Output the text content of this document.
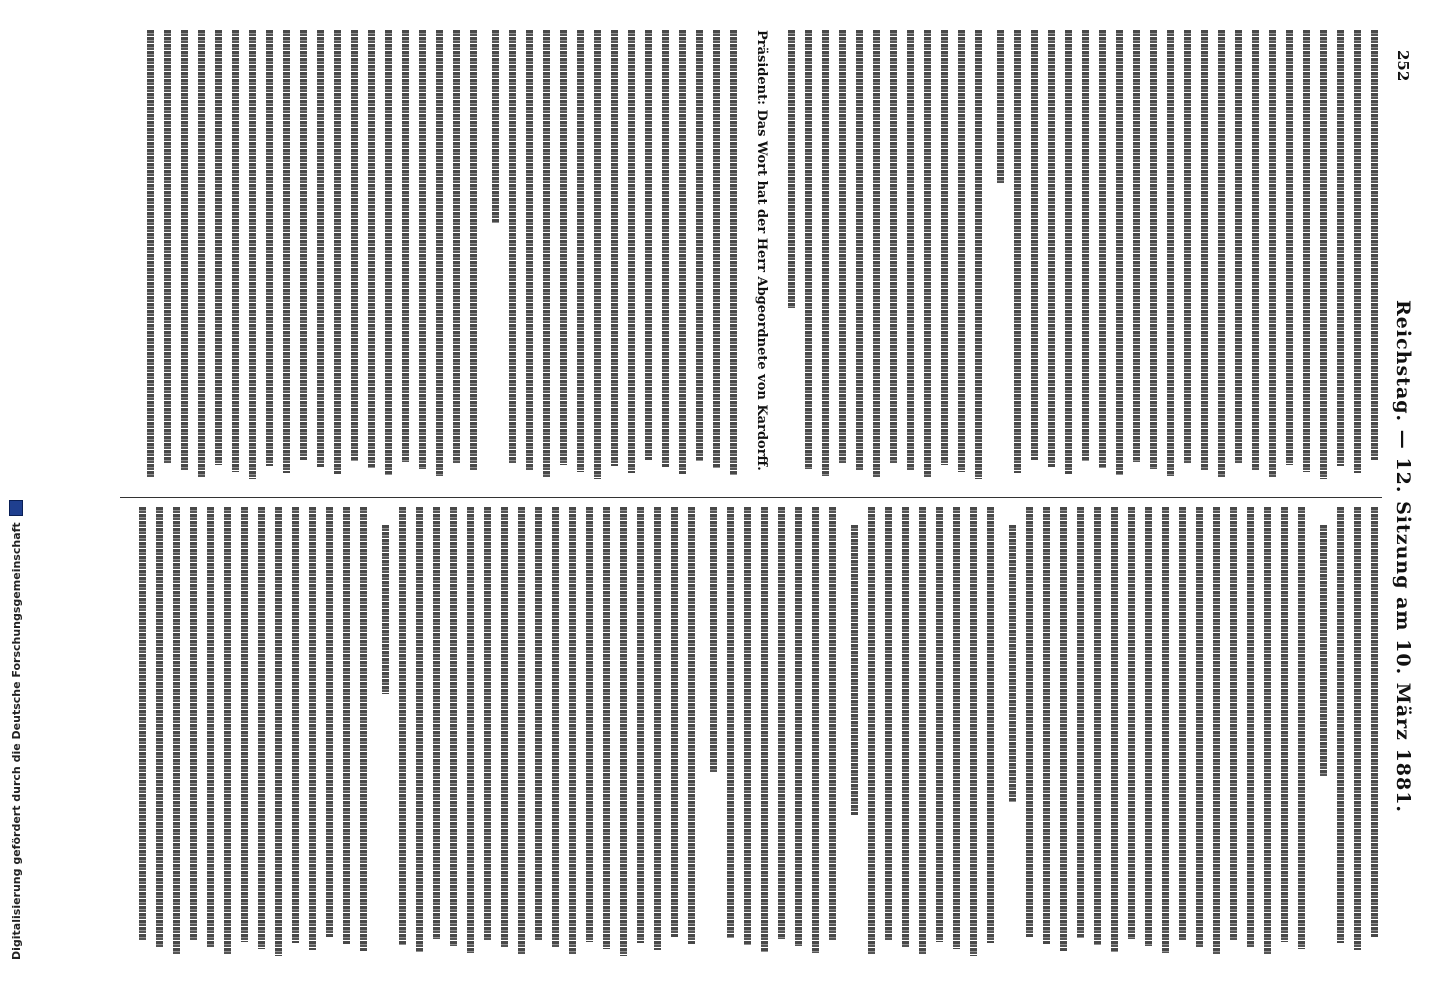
252
Reichstag. — 12. Sitzung am 10. März 1881.
Präsident: Das Wort hat der Herr Abgeordnete von Kardorff.
Digitalisierung gefördert durch die Deutsche Forschungsgemeinschaft
